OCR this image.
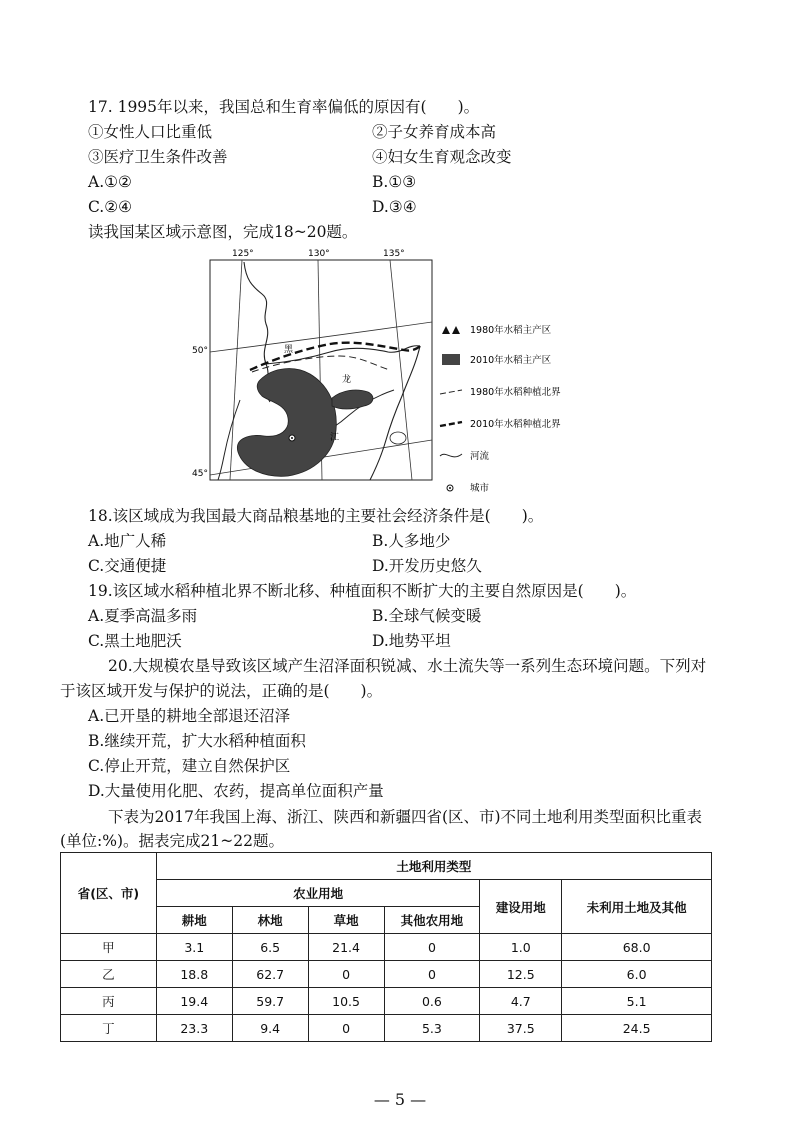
17. 1995年以来，我国总和生育率偏低的原因有(　　)。
①女性人口比重低	②子女养育成本高
③医疗卫生条件改善	④妇女生育观念改变
A.①②	B.①③
C.②④	D.③④
读我国某区域示意图，完成18~20题。
125°	130°	135°
50°
45°
黑
龙
江
1980年水稻主产区
2010年水稻主产区
1980年水稻种植北界
2010年水稻种植北界
河流
城市
18.该区域成为我国最大商品粮基地的主要社会经济条件是(　　)。
A.地广人稀	B.人多地少
C.交通便捷	D.开发历史悠久
19.该区域水稻种植北界不断北移、种植面积不断扩大的主要自然原因是(　　)。
A.夏季高温多雨	B.全球气候变暖
C.黑土地肥沃	D.地势平坦
20.大规模农垦导致该区域产生沼泽面积锐减、水土流失等一系列生态环境问题。下列对
于该区域开发与保护的说法，正确的是(　　)。
A.已开垦的耕地全部退还沼泽
B.继续开荒，扩大水稻种植面积
C.停止开荒，建立自然保护区
D.大量使用化肥、农药，提高单位面积产量
下表为2017年我国上海、浙江、陕西和新疆四省(区、市)不同土地利用类型面积比重表
(单位:%)。据表完成21~22题。
省(区、市)	土地利用类型					
	农业用地				建设用地	未利用土地及其他
	耕地	林地	草地	其他农用地		
甲	3.1	6.5	21.4	0	1.0	68.0
乙	18.8	62.7	0	0	12.5	6.0
丙	19.4	59.7	10.5	0.6	4.7	5.1
丁	23.3	9.4	0	5.3	37.5	24.5
— 5 —
